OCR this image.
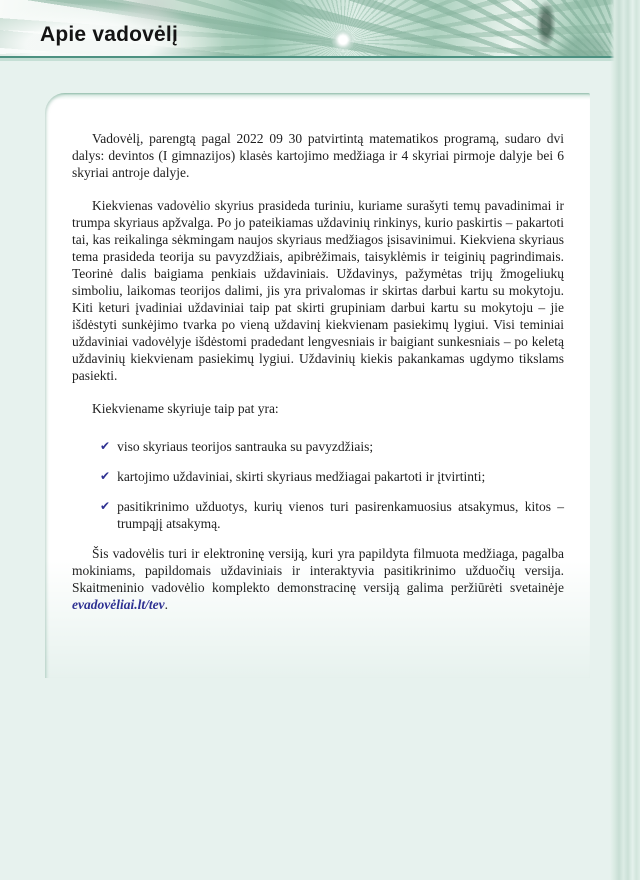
Apie vadovėlį

Vadovėlį, parengtą pagal 2022 09 30 patvirtintą matematikos programą, sudaro dvi dalys: devintos (I gimnazijos) klasės kartojimo medžiaga ir 4 skyriai pirmoje dalyje bei 6 skyriai antroje dalyje.

Kiekvienas vadovėlio skyrius prasideda turiniu, kuriame surašyti temų pavadinimai ir trumpa skyriaus apžvalga. Po jo pateikiamas uždavinių rinkinys, kurio paskirtis – pakartoti tai, kas reikalinga sėkmingam naujos skyriaus medžiagos įsisavinimui. Kiekviena skyriaus tema prasideda teorija su pavyzdžiais, apibrėžimais, taisyklėmis ir teiginių pagrindimais. Teorinė dalis baigiama penkiais uždaviniais. Uždavinys, pažymėtas trijų žmogeliukų simboliu, laikomas teorijos dalimi, jis yra privalomas ir skirtas darbui kartu su mokytoju. Kiti keturi įvadiniai uždaviniai taip pat skirti grupiniam darbui kartu su mokytoju – jie išdėstyti sunkėjimo tvarka po vieną uždavinį kiekvienam pasiekimų lygiui. Visi teminiai uždaviniai vadovėlyje išdėstomi pradedant lengvesniais ir baigiant sunkesniais – po keletą uždavinių kiekvienam pasiekimų lygiui. Uždavinių kiekis pakankamas ugdymo tikslams pasiekti.

Kiekviename skyriuje taip pat yra:

✔ viso skyriaus teorijos santrauka su pavyzdžiais;
✔ kartojimo uždaviniai, skirti skyriaus medžiagai pakartoti ir įtvirtinti;
✔ pasitikrinimo užduotys, kurių vienos turi pasirenkamuosius atsakymus, kitos – trumpąjį atsakymą.

Šis vadovėlis turi ir elektroninę versiją, kuri yra papildyta filmuota medžiaga, pagalba mokiniams, papildomais uždaviniais ir interaktyvia pasitikrinimo užduočių versija. Skaitmeninio vadovėlio komplekto demonstracinę versiją galima peržiūrėti svetainėje evadovėliai.lt/tev.
